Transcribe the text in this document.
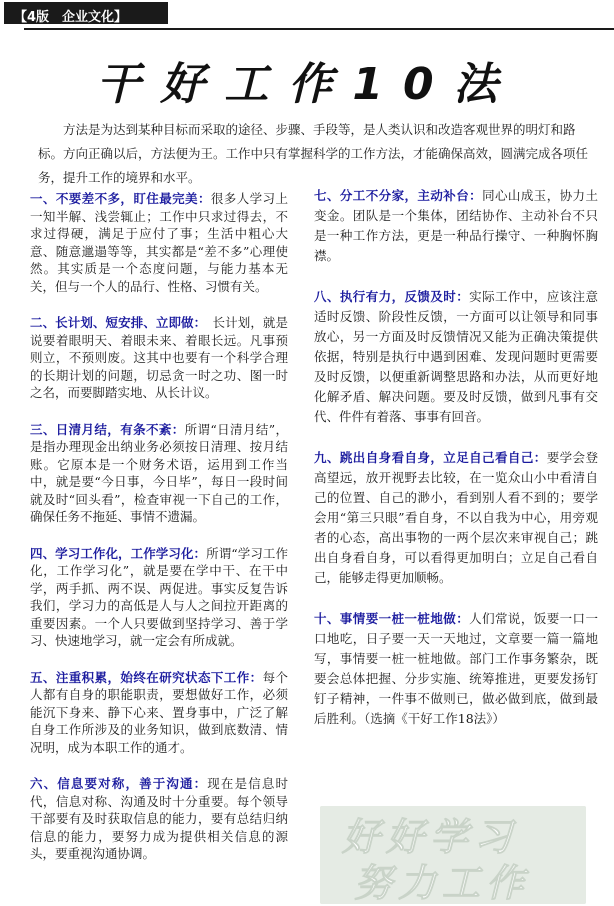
【4版　企业文化】
干好工作10法

方法是为达到某种目标而采取的途径、步骤、手段等，是人类认识和改造客观世界的明灯和路标。方向正确以后，方法便为王。工作中只有掌握科学的工作方法，才能确保高效，圆满完成各项任务，提升工作的境界和水平。

一、不要差不多，盯住最完美：很多人学习上一知半解、浅尝辄止；工作中只求过得去，不求过得硬，满足于应付了事；生活中粗心大意、随意邋遢等等，其实都是“差不多”心理使然。其实质是一个态度问题，与能力基本无关，但与一个人的品行、性格、习惯有关。

二、长计划、短安排、立即做：　长计划，就是说要着眼明天、着眼未来、着眼长远。凡事预则立，不预则废。这其中也要有一个科学合理的长期计划的问题，切忌贪一时之功、图一时之名，而要脚踏实地、从长计议。

三、日清月结，有条不紊：所谓“日清月结”，是指办理现金出纳业务必须按日清理、按月结账。它原本是一个财务术语，运用到工作当中，就是要“今日事，今日毕”，每日一段时间就及时“回头看”，检查审视一下自己的工作，确保任务不拖延、事情不遗漏。

四、学习工作化，工作学习化：所谓“学习工作化，工作学习化”，就是要在学中干、在干中学，两手抓、两不误、两促进。事实反复告诉我们，学习力的高低是人与人之间拉开距离的重要因素。一个人只要做到坚持学习、善于学习、快速地学习，就一定会有所成就。

五、注重积累，始终在研究状态下工作：每个人都有自身的职能职责，要想做好工作，必须能沉下身来、静下心来、置身事中，广泛了解自身工作所涉及的业务知识，做到底数清、情况明，成为本职工作的通才。

六、信息要对称，善于沟通：现在是信息时代，信息对称、沟通及时十分重要。每个领导干部要有及时获取信息的能力，要有总结归纳信息的能力，要努力成为提供相关信息的源头，要重视沟通协调。

七、分工不分家，主动补台：同心山成玉，协力土变金。团队是一个集体，团结协作、主动补台不只是一种工作方法，更是一种品行操守、一种胸怀胸襟。

八、执行有力，反馈及时：实际工作中，应该注意适时反馈、阶段性反馈，一方面可以让领导和同事放心，另一方面及时反馈情况又能为正确决策提供依据，特别是执行中遇到困难、发现问题时更需要及时反馈，以便重新调整思路和办法，从而更好地化解矛盾、解决问题。要及时反馈，做到凡事有交代、件件有着落、事事有回音。

九、跳出自身看自身，立足自己看自己：要学会登高望远，放开视野去比较，在一览众山小中看清自己的位置、自己的渺小，看到别人看不到的；要学会用“第三只眼”看自身，不以自我为中心，用旁观者的心态，高出事物的一两个层次来审视自己；跳出自身看自身，可以看得更加明白；立足自己看自己，能够走得更加顺畅。

十、事情要一桩一桩地做：人们常说，饭要一口一口地吃，日子要一天一天地过，文章要一篇一篇地写，事情要一桩一桩地做。部门工作事务繁杂，既要会总体把握、分步实施、统筹推进，更要发扬钉钉子精神，一件事不做则已，做必做到底，做到最后胜利。（选摘《干好工作18法》）

好好学习
努力工作
